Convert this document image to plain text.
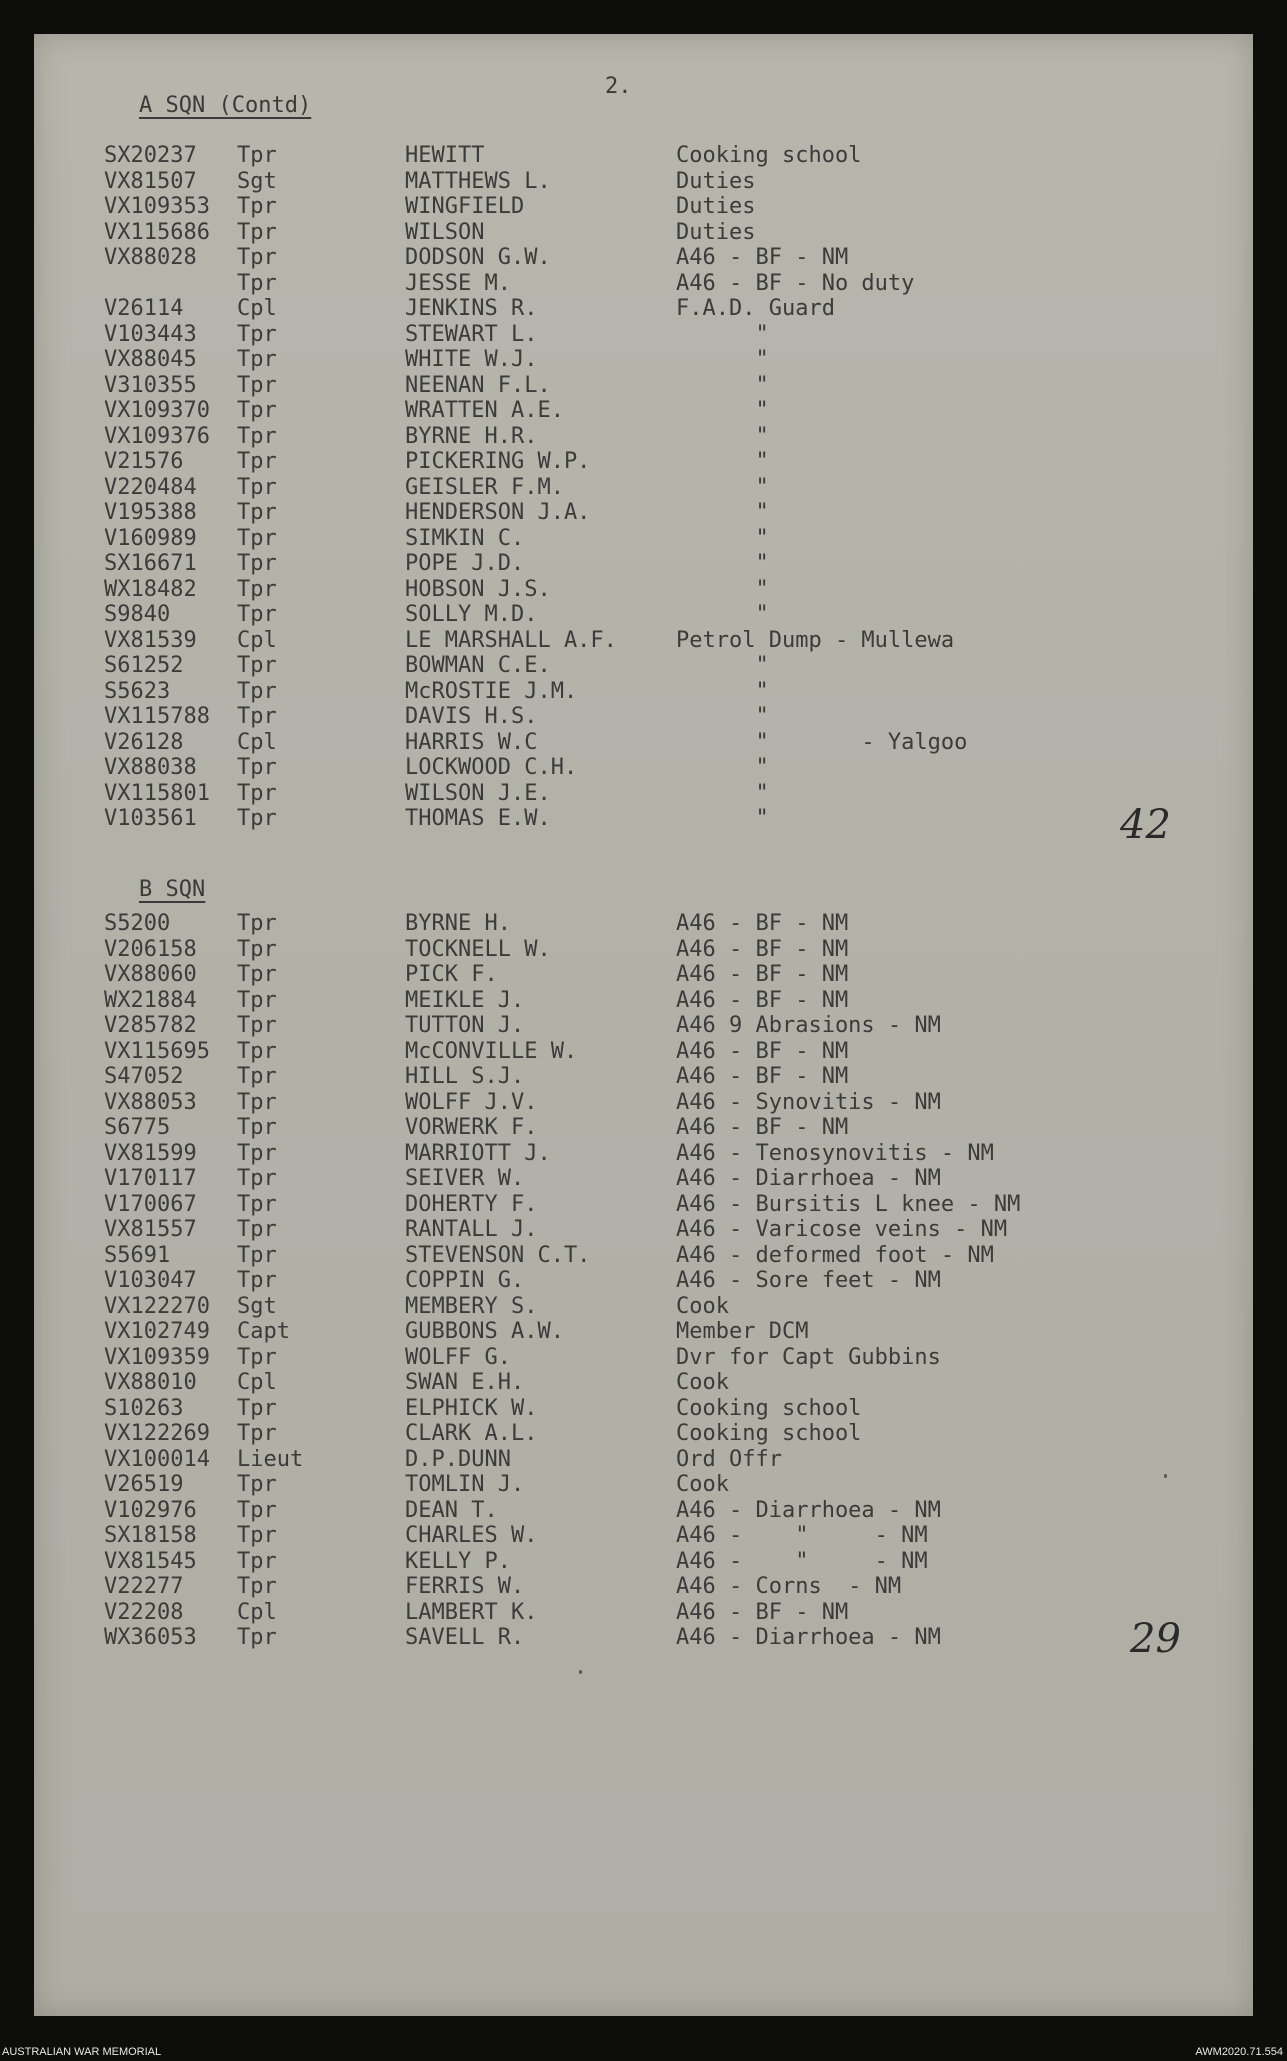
2.
A SQN (Contd)
SX20237 Tpr	HEWITT	Cooking school
VX81507 Sgt	MATTHEWS L.	Duties
VX109353 Tpr	WINGFIELD	Duties
VX115686 Tpr	WILSON	Duties
VX88028 Tpr	DODSON G.W.	A46 - BF - NM
Tpr	JESSE M.	A46 - BF - No duty
V26114 Cpl	JENKINS R.	F.A.D. Guard
V103443 Tpr	STEWART L.	"
VX88045 Tpr	WHITE W.J.	"
V310355 Tpr	NEENAN F.L.	"
VX109370 Tpr	WRATTEN A.E.	"
VX109376 Tpr	BYRNE H.R.	"
V21576 Tpr	PICKERING W.P.	"
V220484 Tpr	GEISLER F.M.	"
V195388 Tpr	HENDERSON J.A.	"
V160989 Tpr	SIMKIN C.	"
SX16671 Tpr	POPE J.D.	"
WX18482 Tpr	HOBSON J.S.	"
S9840	Tpr	SOLLY M.D.	"
VX81539 Cpl	LE MARSHALL A.F.	Petrol Dump - Mullewa
S61252 Tpr	BOWMAN C.E.	"
S5623	Tpr	McROSTIE J.M.	"
VX115788 Tpr	DAVIS H.S.	"
V26128 Cpl	HARRIS W.C	"       - Yalgoo
VX88038 Tpr	LOCKWOOD C.H.	"
VX115801 Tpr	WILSON J.E.	"
V103561 Tpr	THOMAS E.W.	"
B SQN
S5200	Tpr	BYRNE H.	A46 - BF - NM
V206158 Tpr	TOCKNELL W.	A46 - BF - NM
VX88060 Tpr	PICK F.	A46 - BF - NM
WX21884 Tpr	MEIKLE J.	A46 - BF - NM
V285782 Tpr	TUTTON J.	A46 9 Abrasions - NM
VX115695 Tpr	McCONVILLE W.	A46 - BF - NM
S47052 Tpr	HILL S.J.	A46 - BF - NM
VX88053 Tpr	WOLFF J.V.	A46 - Synovitis - NM
S6775	Tpr	VORWERK F.	A46 - BF - NM
VX81599 Tpr	MARRIOTT J.	A46 - Tenosynovitis - NM
V170117 Tpr	SEIVER W.	A46 - Diarrhoea - NM
V170067 Tpr	DOHERTY F.	A46 - Bursitis L knee - NM
VX81557 Tpr	RANTALL J.	A46 - Varicose veins - NM
S5691	Tpr	STEVENSON C.T.	A46 - deformed foot - NM
V103047 Tpr	COPPIN G.	A46 - Sore feet - NM
VX122270 Sgt	MEMBERY S.	Cook
VX102749 Capt	GUBBONS A.W.	Member DCM
VX109359 Tpr	WOLFF G.	Dvr for Capt Gubbins
VX88010 Cpl	SWAN E.H.	Cook
S10263 Tpr	ELPHICK W.	Cooking school
VX122269 Tpr	CLARK A.L.	Cooking school
VX100014 Lieut	D.P.DUNN	Ord Offr
V26519 Tpr	TOMLIN J.	Cook
V102976 Tpr	DEAN T.	A46 - Diarrhoea - NM
SX18158 Tpr	CHARLES W.	A46 -    "     - NM
VX81545 Tpr	KELLY P.	A46 -    "     - NM
V22277 Tpr	FERRIS W.	A46 - Corns  - NM
V22208 Cpl	LAMBERT K.	A46 - BF - NM
WX36053 Tpr	SAVELL R.	A46 - Diarrhoea - NM
42
29
AUSTRALIAN WAR MEMORIAL	AWM2020.71.554
